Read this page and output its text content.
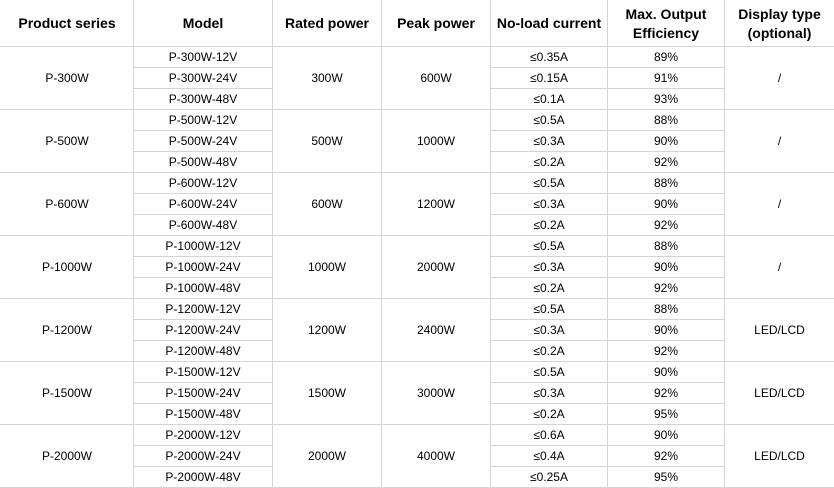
Product series	Model	Rated power	Peak power	No-load current	Max. Output Efficiency	Display type (optional)
P-300W	P-300W-12V	300W	600W	≤0.35A	89%	/
	P-300W-24V			≤0.15A	91%	
	P-300W-48V			≤0.1A	93%	
P-500W	P-500W-12V	500W	1000W	≤0.5A	88%	/
	P-500W-24V			≤0.3A	90%	
	P-500W-48V			≤0.2A	92%	
P-600W	P-600W-12V	600W	1200W	≤0.5A	88%	/
	P-600W-24V			≤0.3A	90%	
	P-600W-48V			≤0.2A	92%	
P-1000W	P-1000W-12V	1000W	2000W	≤0.5A	88%	/
	P-1000W-24V			≤0.3A	90%	
	P-1000W-48V			≤0.2A	92%	
P-1200W	P-1200W-12V	1200W	2400W	≤0.5A	88%	LED/LCD
	P-1200W-24V			≤0.3A	90%	
	P-1200W-48V			≤0.2A	92%	
P-1500W	P-1500W-12V	1500W	3000W	≤0.5A	90%	LED/LCD
	P-1500W-24V			≤0.3A	92%	
	P-1500W-48V			≤0.2A	95%	
P-2000W	P-2000W-12V	2000W	4000W	≤0.6A	90%	LED/LCD
	P-2000W-24V			≤0.4A	92%	
	P-2000W-48V			≤0.25A	95%	
